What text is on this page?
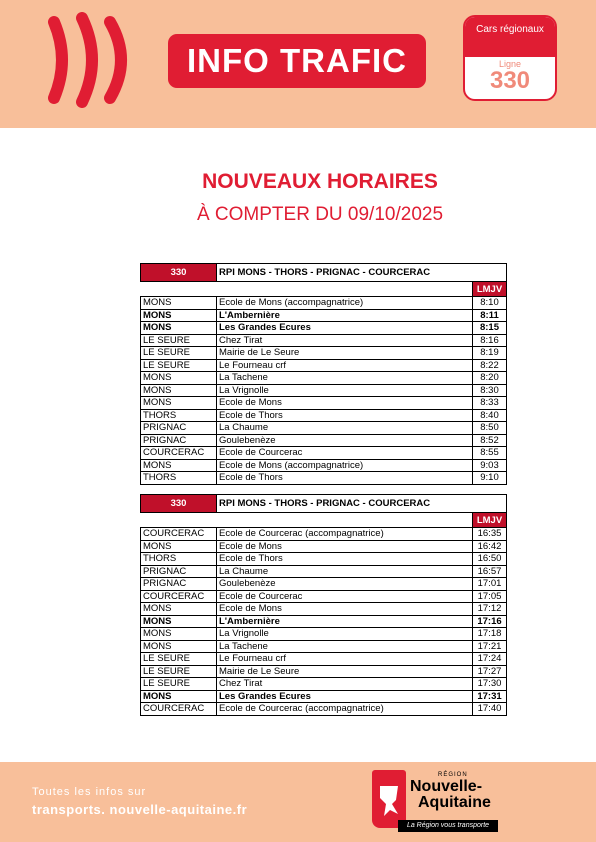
INFO TRAFIC
Cars régionaux
Ligne
330
NOUVEAUX HORAIRES
À COMPTER DU 09/10/2025
330	RPI MONS - THORS - PRIGNAC - COURCERAC	
		LMJV
MONS	Ecole de Mons (accompagnatrice)	8:10
MONS	L'Ambernière	8:11
MONS	Les Grandes Ecures	8:15
LE SEURE	Chez Tirat	8:16
LE SEURE	Mairie de Le Seure	8:19
LE SEURE	Le Fourneau crf	8:22
MONS	La Tachene	8:20
MONS	La Vrignolle	8:30
MONS	Ecole de Mons	8:33
THORS	Ecole de Thors	8:40
PRIGNAC	La Chaume	8:50
PRIGNAC	Goulebenèze	8:52
COURCERAC	Ecole de Courcerac	8:55
MONS	Ecole de Mons (accompagnatrice)	9:03
THORS	Ecole de Thors	9:10
330	RPI MONS - THORS - PRIGNAC - COURCERAC	
		LMJV
COURCERAC	Ecole de Courcerac (accompagnatrice)	16:35
MONS	Ecole de Mons	16:42
THORS	Ecole de Thors	16:50
PRIGNAC	La Chaume	16:57
PRIGNAC	Goulebenèze	17:01
COURCERAC	Ecole de Courcerac	17:05
MONS	Ecole de Mons	17:12
MONS	L'Ambernière	17:16
MONS	La Vrignolle	17:18
MONS	La Tachene	17:21
LE SEURE	Le Fourneau crf	17:24
LE SEURE	Mairie de Le Seure	17:27
LE SEURE	Chez Tirat	17:30
MONS	Les Grandes Ecures	17:31
COURCERAC	Ecole de Courcerac (accompagnatrice)	17:40
Toutes les infos sur
transports. nouvelle-aquitaine.fr
RÉGION
Nouvelle-
Aquitaine
La Région vous transporte
